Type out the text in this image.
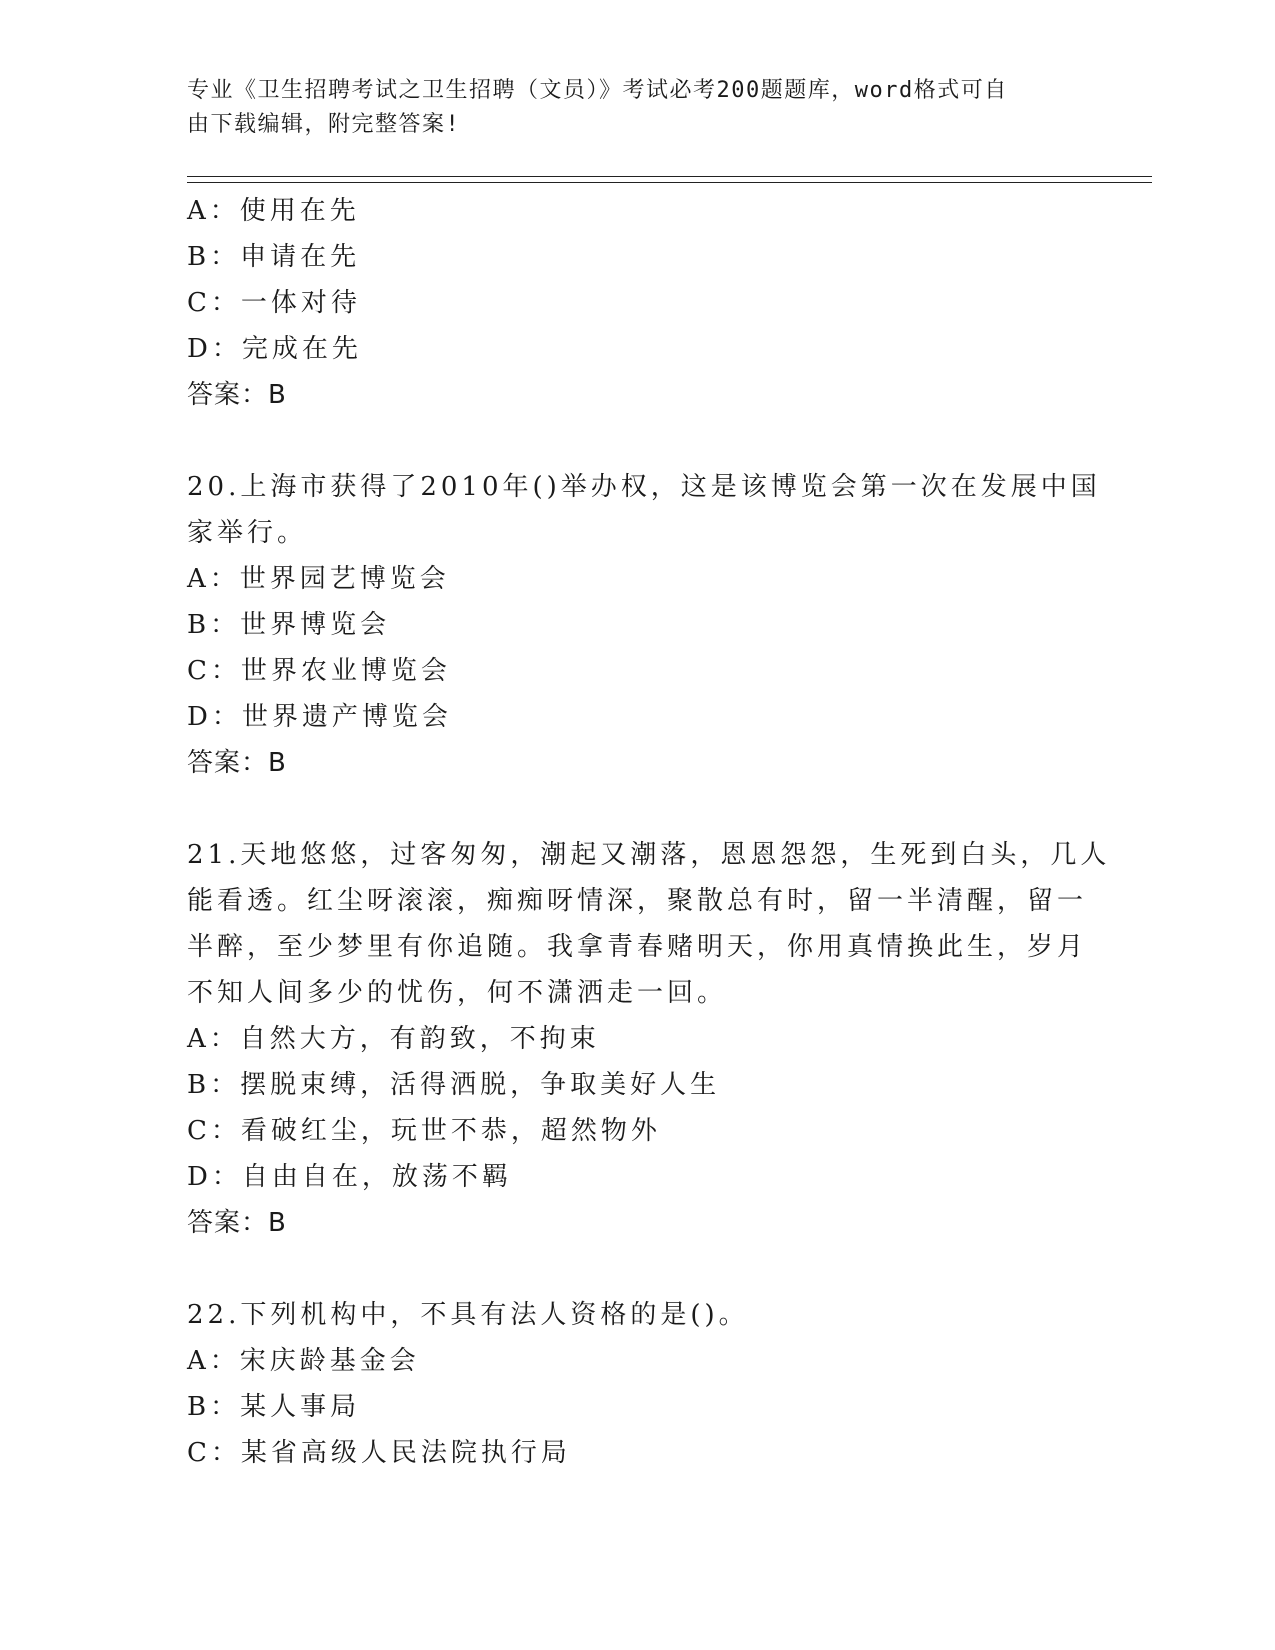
专业《卫生招聘考试之卫生招聘（文员）》考试必考200题题库，word格式可自
由下载编辑，附完整答案!
A：使用在先
B：申请在先
C：一体对待
D：完成在先
答案：B
20.上海市获得了2010年()举办权，这是该博览会第一次在发展中国
家举行。
A：世界园艺博览会
B：世界博览会
C：世界农业博览会
D：世界遗产博览会
答案：B
21.天地悠悠，过客匆匆，潮起又潮落，恩恩怨怨，生死到白头，几人
能看透。红尘呀滚滚，痴痴呀情深，聚散总有时，留一半清醒，留一
半醉，至少梦里有你追随。我拿青春赌明天，你用真情换此生，岁月
不知人间多少的忧伤，何不潇洒走一回。
A：自然大方，有韵致，不拘束
B：摆脱束缚，活得洒脱，争取美好人生
C：看破红尘，玩世不恭，超然物外
D：自由自在，放荡不羁
答案：B
22.下列机构中，不具有法人资格的是()。
A：宋庆龄基金会
B：某人事局
C：某省高级人民法院执行局
